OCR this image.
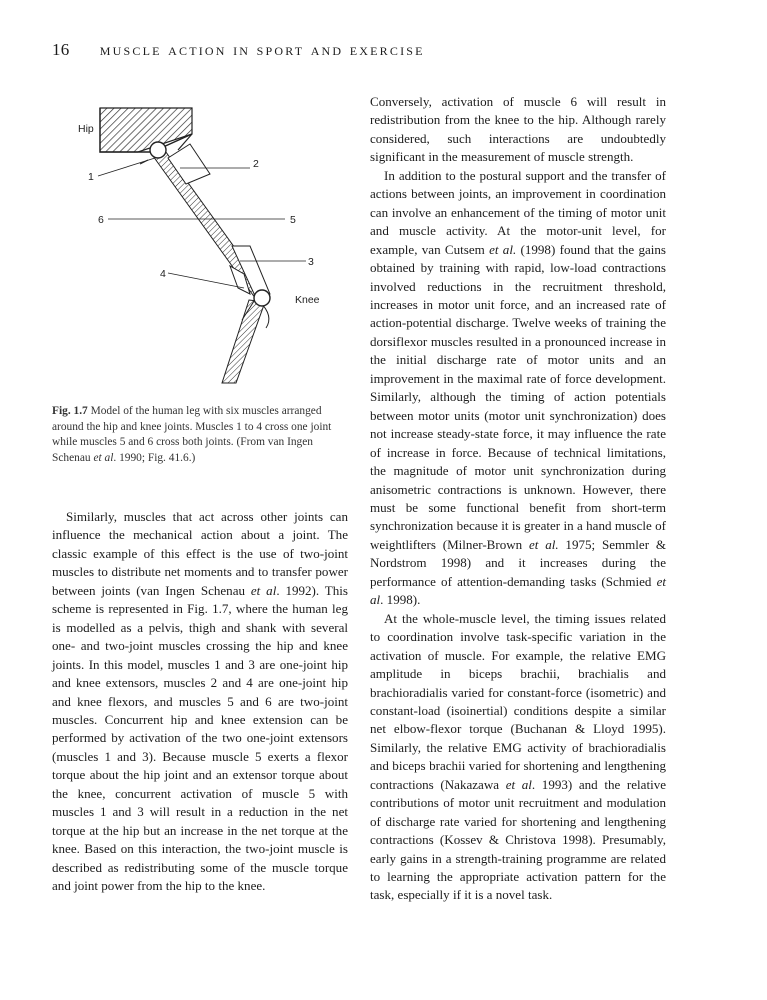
16 muscle action in sport and exercise
Hip
Knee
1
2
6	5
3
4
Fig. 1.7 Model of the human leg with six muscles arranged around the hip and knee joints. Muscles 1 to 4 cross one joint while muscles 5 and 6 cross both joints. (From van Ingen Schenau et al. 1990; Fig. 41.6.)

Similarly, muscles that act across other joints can influence the mechanical action about a joint. The classic example of this effect is the use of two-joint muscles to distribute net moments and to transfer power between joints (van Ingen Schenau et al. 1992). This scheme is represented in Fig. 1.7, where the human leg is modelled as a pelvis, thigh and shank with several one- and two-joint muscles crossing the hip and knee joints. In this model, muscles 1 and 3 are one-joint hip and knee extensors, muscles 2 and 4 are one-joint hip and knee flexors, and muscles 5 and 6 are two-joint muscles. Concurrent hip and knee extension can be performed by activation of the two one-joint extensors (muscles 1 and 3). Because muscle 5 exerts a flexor torque about the hip joint and an extensor torque about the knee, concurrent activation of muscle 5 with muscles 1 and 3 will result in a reduction in the net torque at the hip but an increase in the net torque at the knee. Based on this interaction, the two-joint muscle is described as redistributing some of the muscle torque and joint power from the hip to the knee.

Conversely, activation of muscle 6 will result in redistribution from the knee to the hip. Although rarely considered, such interactions are undoubtedly significant in the measurement of muscle strength.

In addition to the postural support and the transfer of actions between joints, an improvement in coordination can involve an enhancement of the timing of motor unit and muscle activity. At the motor-unit level, for example, van Cutsem et al. (1998) found that the gains obtained by training with rapid, low-load contractions involved reductions in the recruitment threshold, increases in motor unit force, and an increased rate of action-potential discharge. Twelve weeks of training the dorsiflexor muscles resulted in a pronounced increase in the initial discharge rate of motor units and an improvement in the maximal rate of force development. Similarly, although the timing of action potentials between motor units (motor unit synchronization) does not increase steady-state force, it may influence the rate of increase in force. Because of technical limitations, the magnitude of motor unit synchronization during anisometric contractions is unknown. However, there must be some functional benefit from short-term synchronization because it is greater in a hand muscle of weightlifters (Milner-Brown et al. 1975; Semmler & Nordstrom 1998) and it increases during the performance of attention-demanding tasks (Schmied et al. 1998).

At the whole-muscle level, the timing issues related to coordination involve task-specific variation in the activation of muscle. For example, the relative EMG amplitude in biceps brachii, brachialis and brachioradialis varied for constant-force (isometric) and constant-load (isoinertial) conditions despite a similar net elbow-flexor torque (Buchanan & Lloyd 1995). Similarly, the relative EMG activity of brachioradialis and biceps brachii varied for shortening and lengthening contractions (Nakazawa et al. 1993) and the relative contributions of motor unit recruitment and modulation of discharge rate varied for shortening and lengthening contractions (Kossev & Christova 1998). Presumably, early gains in a strength-training programme are related to learning the appropriate activation pattern for the task, especially if it is a novel task.
